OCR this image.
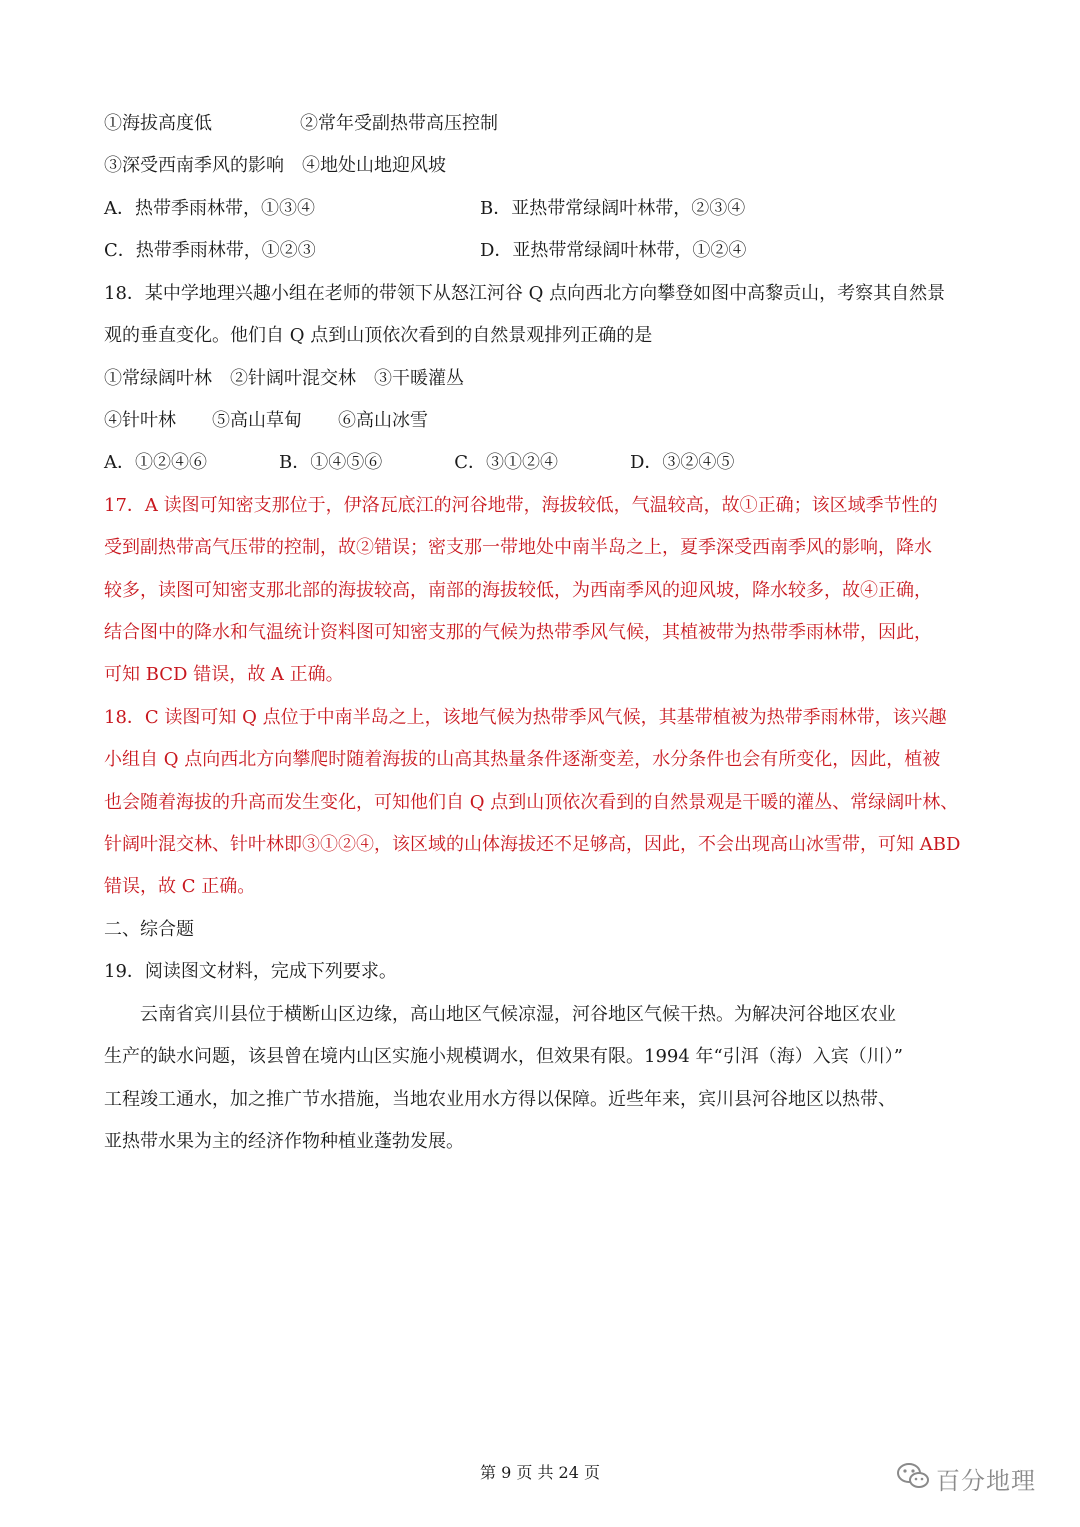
①海拔高度低	②常年受副热带高压控制
③深受西南季风的影响　④地处山地迎风坡
A．热带季雨林带，①③④	B．亚热带常绿阔叶林带，②③④
C．热带季雨林带，①②③	D．亚热带常绿阔叶林带，①②④
18．某中学地理兴趣小组在老师的带领下从怒江河谷 Q 点向西北方向攀登如图中高黎贡山，考察其自然景
观的垂直变化。他们自 Q 点到山顶依次看到的自然景观排列正确的是
①常绿阔叶林　②针阔叶混交林　③干暖灌丛
④针叶林　　⑤高山草甸　　⑥高山冰雪
A．①②④⑥　　　　B．①④⑤⑥　　　　C．③①②④　　　　D．③②④⑤
17．A 读图可知密支那位于，伊洛瓦底江的河谷地带，海拔较低，气温较高，故①正确；该区域季节性的
受到副热带高气压带的控制，故②错误；密支那一带地处中南半岛之上，夏季深受西南季风的影响，降水
较多，读图可知密支那北部的海拔较高，南部的海拔较低，为西南季风的迎风坡，降水较多，故④正确，
结合图中的降水和气温统计资料图可知密支那的气候为热带季风气候，其植被带为热带季雨林带，因此，
可知 BCD 错误，故 A 正确。
18．C 读图可知 Q 点位于中南半岛之上，该地气候为热带季风气候，其基带植被为热带季雨林带，该兴趣
小组自 Q 点向西北方向攀爬时随着海拔的山高其热量条件逐渐变差，水分条件也会有所变化，因此，植被
也会随着海拔的升高而发生变化，可知他们自 Q 点到山顶依次看到的自然景观是干暖的灌丛、常绿阔叶林、
针阔叶混交林、针叶林即③①②④，该区域的山体海拔还不足够高，因此，不会出现高山冰雪带，可知 ABD
错误，故 C 正确。
二、综合题
19．阅读图文材料，完成下列要求。
　　云南省宾川县位于横断山区边缘，高山地区气候凉湿，河谷地区气候干热。为解决河谷地区农业
生产的缺水问题，该县曾在境内山区实施小规模调水，但效果有限。1994 年“引洱（海）入宾（川）”
工程竣工通水，加之推广节水措施，当地农业用水方得以保障。近些年来，宾川县河谷地区以热带、
亚热带水果为主的经济作物种植业蓬勃发展。
第 9 页 共 24 页	百分地理
